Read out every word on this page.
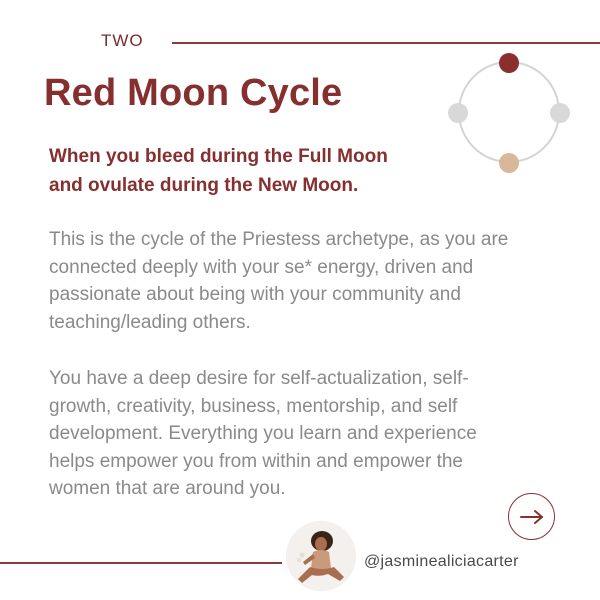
TWO
Red Moon Cycle
When you bleed during the Full Moon
and ovulate during the New Moon.
This is the cycle of the Priestess archetype, as you are
connected deeply with your se* energy, driven and
passionate about being with your community and
teaching/leading others.
You have a deep desire for self-actualization, self-
growth, creativity, business, mentorship, and self
development. Everything you learn and experience
helps empower you from within and empower the
women that are around you.
@jasminealiciacarter
